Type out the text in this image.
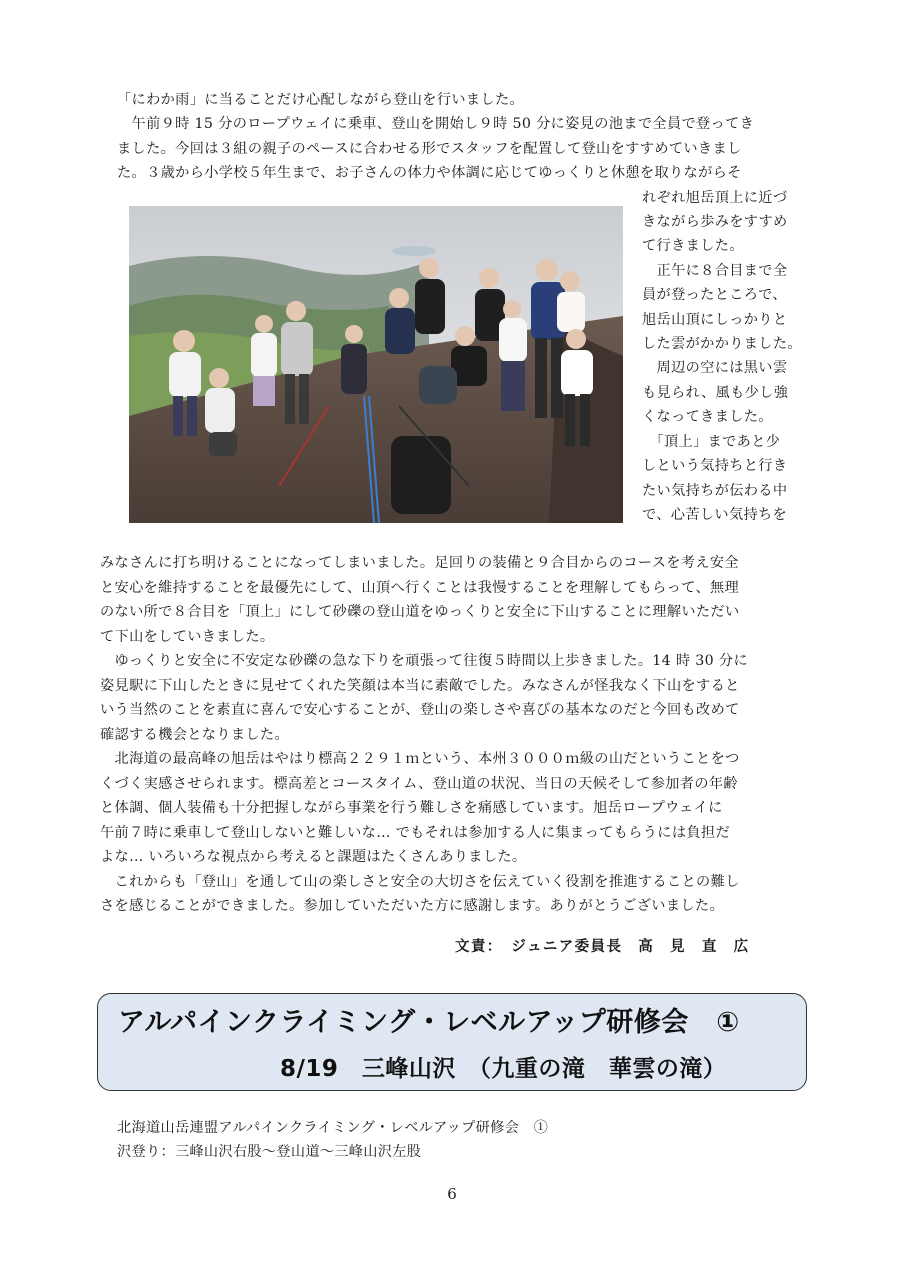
「にわか雨」に当ることだけ心配しながら登山を行いました。
　午前９時 15 分のロープウェイに乗車、登山を開始し９時 50 分に姿見の池まで全員で登ってき
ました。今回は３組の親子のペースに合わせる形でスタッフを配置して登山をすすめていきまし
た。３歳から小学校５年生まで、お子さんの体力や体調に応じてゆっくりと休憩を取りながらそ
れぞれ旭岳頂上に近づ
きながら歩みをすすめ
て行きました。
　正午に８合目まで全
員が登ったところで、
旭岳山頂にしっかりと
した雲がかかりました。
　周辺の空には黒い雲
も見られ、風も少し強
くなってきました。
　「頂上」まであと少
しという気持ちと行き
たい気持ちが伝わる中
で、心苦しい気持ちを
みなさんに打ち明けることになってしまいました。足回りの装備と９合目からのコースを考え安全
と安心を維持することを最優先にして、山頂へ行くことは我慢することを理解してもらって、無理
のない所で８合目を「頂上」にして砂礫の登山道をゆっくりと安全に下山することに理解いただい
て下山をしていきました。
　ゆっくりと安全に不安定な砂礫の急な下りを頑張って往復５時間以上歩きました。14 時 30 分に
姿見駅に下山したときに見せてくれた笑顔は本当に素敵でした。みなさんが怪我なく下山をすると
いう当然のことを素直に喜んで安心することが、登山の楽しさや喜びの基本なのだと今回も改めて
確認する機会となりました。
　北海道の最高峰の旭岳はやはり標高２２９１ｍという、本州３０００ｍ級の山だということをつ
くづく実感させられます。標高差とコースタイム、登山道の状況、当日の天候そして参加者の年齢
と体調、個人装備も十分把握しながら事業を行う難しさを痛感しています。旭岳ロープウェイに
午前７時に乗車して登山しないと難しいな… でもそれは参加する人に集まってもらうには負担だ
よな… いろいろな視点から考えると課題はたくさんありました。
　これからも「登山」を通して山の楽しさと安全の大切さを伝えていく役割を推進することの難し
さを感じることができました。参加していただいた方に感謝します。ありがとうございました。
文責：　ジュニア委員長　高　見　直　広
アルパインクライミング・レベルアップ研修会　①
8/19　三峰山沢　（九重の滝　華雲の滝）
北海道山岳連盟アルパインクライミング・レベルアップ研修会　①
沢登り：三峰山沢右股〜登山道〜三峰山沢左股
6
